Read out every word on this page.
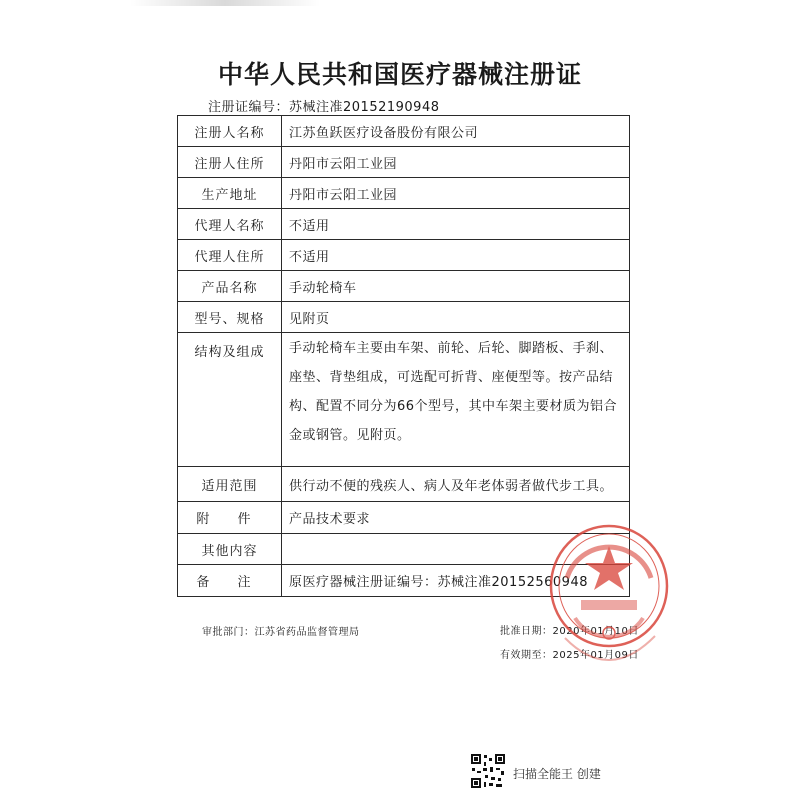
中华人民共和国医疗器械注册证
注册证编号：苏械注准20152190948
注册人名称	江苏鱼跃医疗设备股份有限公司
注册人住所	丹阳市云阳工业园
生产地址	丹阳市云阳工业园
代理人名称	不适用
代理人住所	不适用
产品名称	手动轮椅车
型号、规格	见附页
结构及组成	手动轮椅车主要由车架、前轮、后轮、脚踏板、手刹、
座垫、背垫组成，可选配可折背、座便型等。按产品结
构、配置不同分为66个型号，其中车架主要材质为铝合
金或钢管。见附页。

适用范围	供行动不便的残疾人、病人及年老体弱者做代步工具。
附 件	产品技术要求
其他内容	
备 注	原医疗器械注册证编号：苏械注准20152560948
审批部门：江苏省药品监督管理局	批准日期：2020年01月10日
有效期至：2025年01月09日
扫描全能王 创建
